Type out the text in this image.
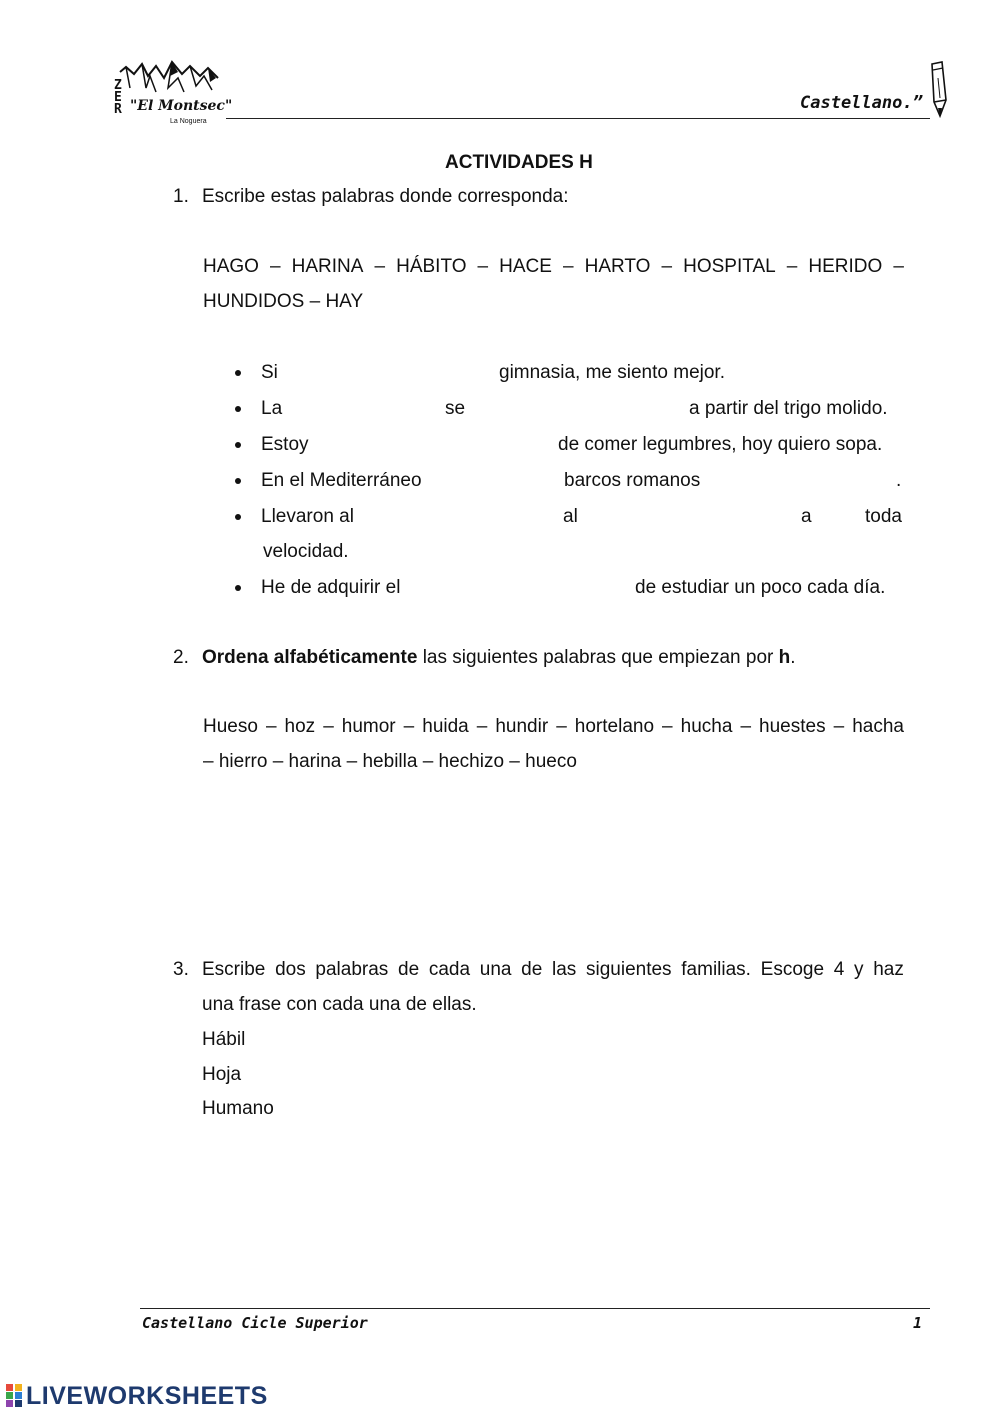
Z
E
R "El Montsec"
La Noguera
Castellano.”
ACTIVIDADES H
1. Escribe estas palabras donde corresponda:
HAGO – HARINA – HÁBITO – HACE – HARTO – HOSPITAL – HERIDO –
HUNDIDOS – HAY
Si	gimnasia, me siento mejor.
La	se	a partir del trigo molido.
Estoy	de comer legumbres, hoy quiero sopa.
En el Mediterráneo	barcos romanos	.
Llevaron al	al	a	toda
velocidad.
He de adquirir el	de estudiar un poco cada día.
2. Ordena alfabéticamente las siguientes palabras que empiezan por h.
Hueso – hoz – humor – huida – hundir – hortelano – hucha – huestes – hacha
– hierro – harina – hebilla – hechizo – hueco
3. Escribe dos palabras de cada una de las siguientes familias. Escoge 4 y haz
una frase con cada una de ellas.
Hábil
Hoja
Humano
Castellano Cicle Superior	1
LIVEWORKSHEETS
